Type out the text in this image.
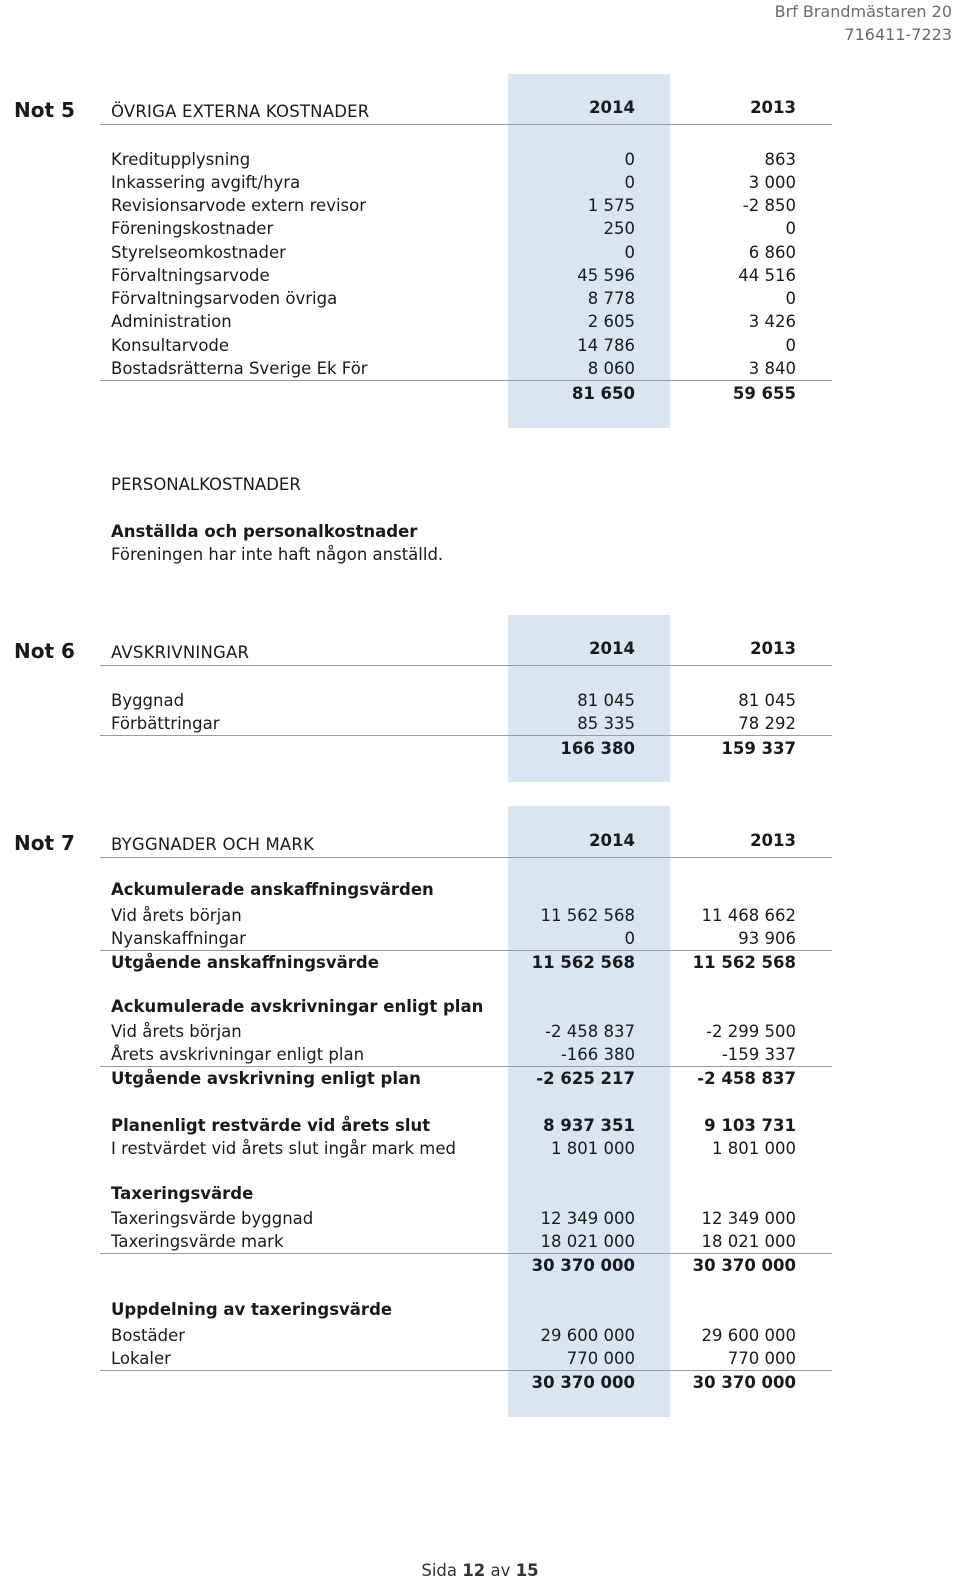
Brf Brandmästaren 20
716411-7223
Not 5 ÖVRIGA EXTERNA KOSTNADER	2014	2013
Kreditupplysning	0	863
Inkassering avgift/hyra	0	3 000
Revisionsarvode extern revisor	1 575	-2 850
Föreningskostnader	250	0
Styrelseomkostnader	0	6 860
Förvaltningsarvode	45 596	44 516
Förvaltningsarvoden övriga	8 778	0
Administration	2 605	3 426
Konsultarvode	14 786	0
Bostadsrätterna Sverige Ek För	8 060	3 840
81 650	59 655
PERSONALKOSTNADER
Anställda och personalkostnader
Föreningen har inte haft någon anställd.
Not 6 AVSKRIVNINGAR	2014	2013
Byggnad	81 045	81 045
Förbättringar	85 335	78 292
166 380	159 337
Not 7 BYGGNADER OCH MARK	2014	2013
Ackumulerade anskaffningsvärden
Vid årets början	11 562 568	11 468 662
Nyanskaffningar	0	93 906
Utgående anskaffningsvärde	11 562 568	11 562 568
Ackumulerade avskrivningar enligt plan
Vid årets början	-2 458 837	-2 299 500
Årets avskrivningar enligt plan	-166 380	-159 337
Utgående avskrivning enligt plan	-2 625 217	-2 458 837
Planenligt restvärde vid årets slut	8 937 351	9 103 731
I restvärdet vid årets slut ingår mark med	1 801 000	1 801 000
Taxeringsvärde
Taxeringsvärde byggnad	12 349 000	12 349 000
Taxeringsvärde mark	18 021 000	18 021 000
30 370 000	30 370 000
Uppdelning av taxeringsvärde
Bostäder	29 600 000	29 600 000
Lokaler	770 000	770 000
30 370 000	30 370 000
Sida 12 av 15
